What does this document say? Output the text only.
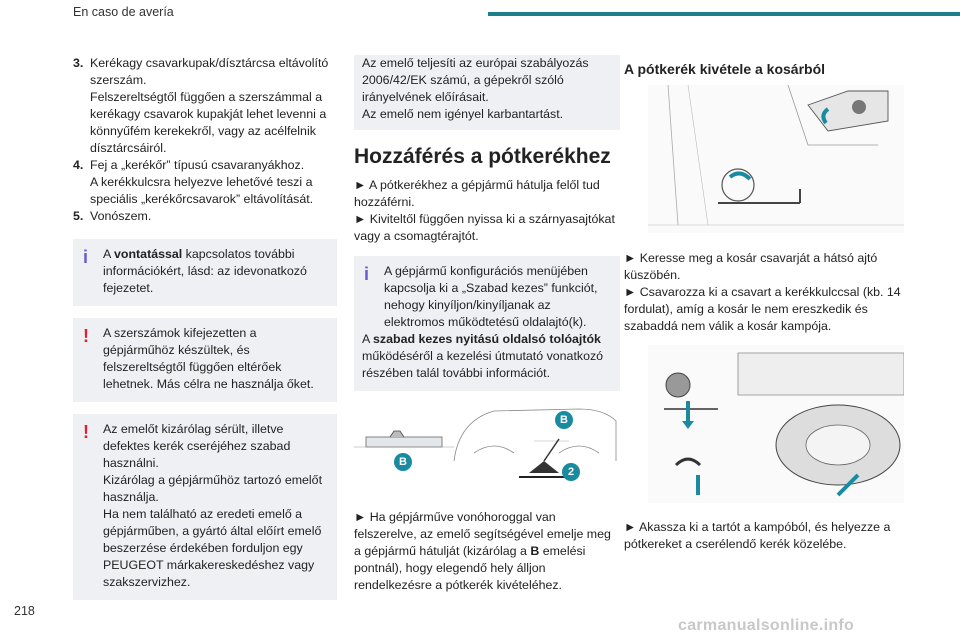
En caso de avería
3. Kerékagy csavarkupak/dísztárcsa eltávolító szerszám.
Felszereltségtől függően a szerszámmal a kerékagy csavarok kupakját lehet levenni a könnyűfém kerekekről, vagy az acélfelnik dísztárcsáiról.
4. Fej a „kerékőr” típusú csavaranyákhoz.
A kerékkulcsra helyezve lehetővé teszi a speciális „kerékőrcsavarok” eltávolítását.
5. Vonószem.
i	A vontatással kapcsolatos további információkért, lásd: az idevonatkozó fejezetet.
!	A szerszámok kifejezetten a gépjárműhöz készültek, és felszereltségtől függően eltérőek lehetnek. Más célra ne használja őket.
!	Az emelőt kizárólag sérült, illetve defektes kerék cseréjéhez szabad használni.
Kizárólag a gépjárműhöz tartozó emelőt használja.
Ha nem található az eredeti emelő a gépjárműben, a gyártó által előírt emelő beszerzése érdekében forduljon egy PEUGEOT márkakereskedéshez vagy szakszervizhez.

Az emelő teljesíti az európai szabályozás 2006/42/EK számú, a gépekről szóló irányelvének előírásait.
Az emelő nem igényel karbantartást.

Hozzáférés a pótkerékhez

► A pótkerékhez a gépjármű hátulja felől tud hozzáférni.
► Kiviteltől függően nyissa ki a szárnyasajtókat vagy a csomagtérajtót.

i	A gépjármű konfigurációs menüjében kapcsolja ki a „Szabad kezes” funkciót, nehogy kinyíljon/kinyíljanak az elektromos működtetésű oldalajtó(k).
A szabad kezes nyitású oldalsó tolóajtók működéséről a kezelési útmutató vonatkozó részében talál további információt.
B
B
2

► Ha gépjárműve vonóhoroggal van felszerelve, az emelő segítségével emelje meg a gépjármű hátulját (kizárólag a B emelési pontnál), hogy elegendő hely álljon rendelkezésre a pótkerék kivételéhez.

A pótkerék kivétele a kosárból

► Keresse meg a kosár csavarját a hátsó ajtó küszöbén.
► Csavarozza ki a csavart a kerékkulccsal (kb. 14 fordulat), amíg a kosár le nem ereszkedik és szabaddá nem válik a kosár kampója.

► Akassza ki a tartót a kampóból, és helyezze a pótkereket a cserélendő kerék közelébe.

218
carmanualsonline.info
